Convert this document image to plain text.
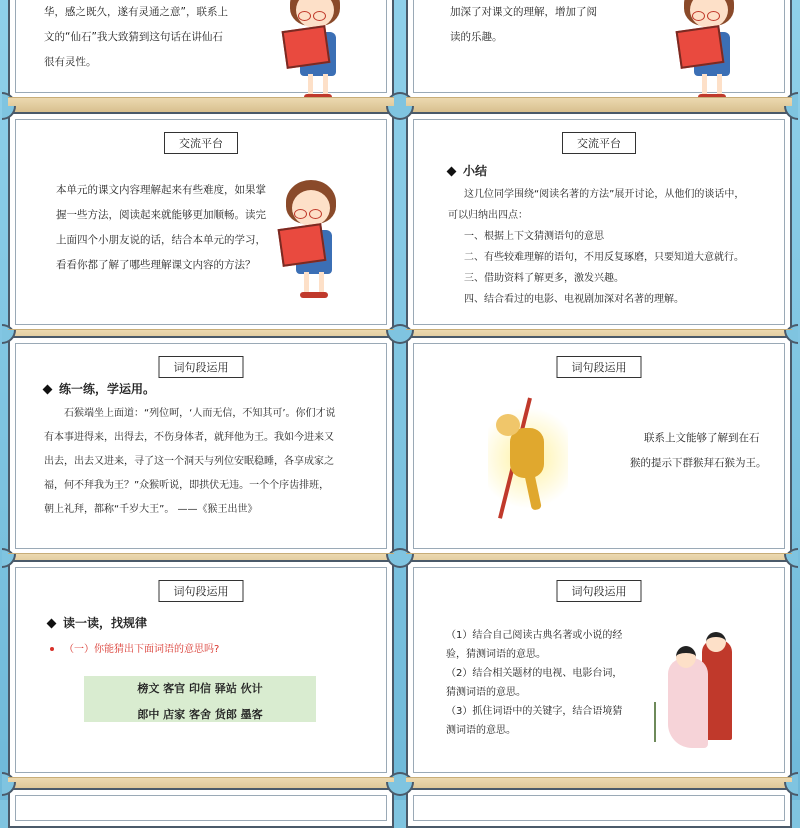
华，感之既久，遂有灵通之意”，联系上
文的“仙石”我大致猜到这句话在讲仙石
很有灵性。
加深了对课文的理解，增加了阅
读的乐趣。
交流平台
本单元的课文内容理解起来有些难度，如果掌
握一些方法，阅读起来就能够更加顺畅。读完
上面四个小朋友说的话，结合本单元的学习，
看看你都了解了哪些理解课文内容的方法？
交流平台
小结
这几位同学围绕“阅读名著的方法”展开讨论，从他们的谈话中，
可以归纳出四点：
一、根据上下文猜测语句的意思
二、有些较难理解的语句，不用反复琢磨，只要知道大意就行。
三、借助资料了解更多，激发兴趣。
四、结合看过的电影、电视剧加深对名著的理解。
词句段运用
练一练，学运用。
石猴端坐上面道：“列位呵，‘人而无信，不知其可’。你们才说
有本事进得来，出得去，不伤身体者，就拜他为王。我如今进来又
出去，出去又进来，寻了这一个洞天与列位安眠稳睡，各享成家之
福，何不拜我为王？”众猴听说，即拱伏无违。一个个序齿排班，
朝上礼拜，都称“千岁大王”。 ——《猴王出世》
词句段运用
联系上文能够了解到在石
猴的提示下群猴拜石猴为王。
词句段运用
读一读，找规律
（一）你能猜出下面词语的意思吗?
榜文 客官 印信 驿站 伙计
郎中 店家 客舍 货郎 墨客
词句段运用
（1）结合自己阅读古典名著或小说的经
验，猜测词语的意思。
（2）结合相关题材的电视、电影台词，
猜测词语的意思。
（3）抓住词语中的关键字，结合语境猜
测词语的意思。
